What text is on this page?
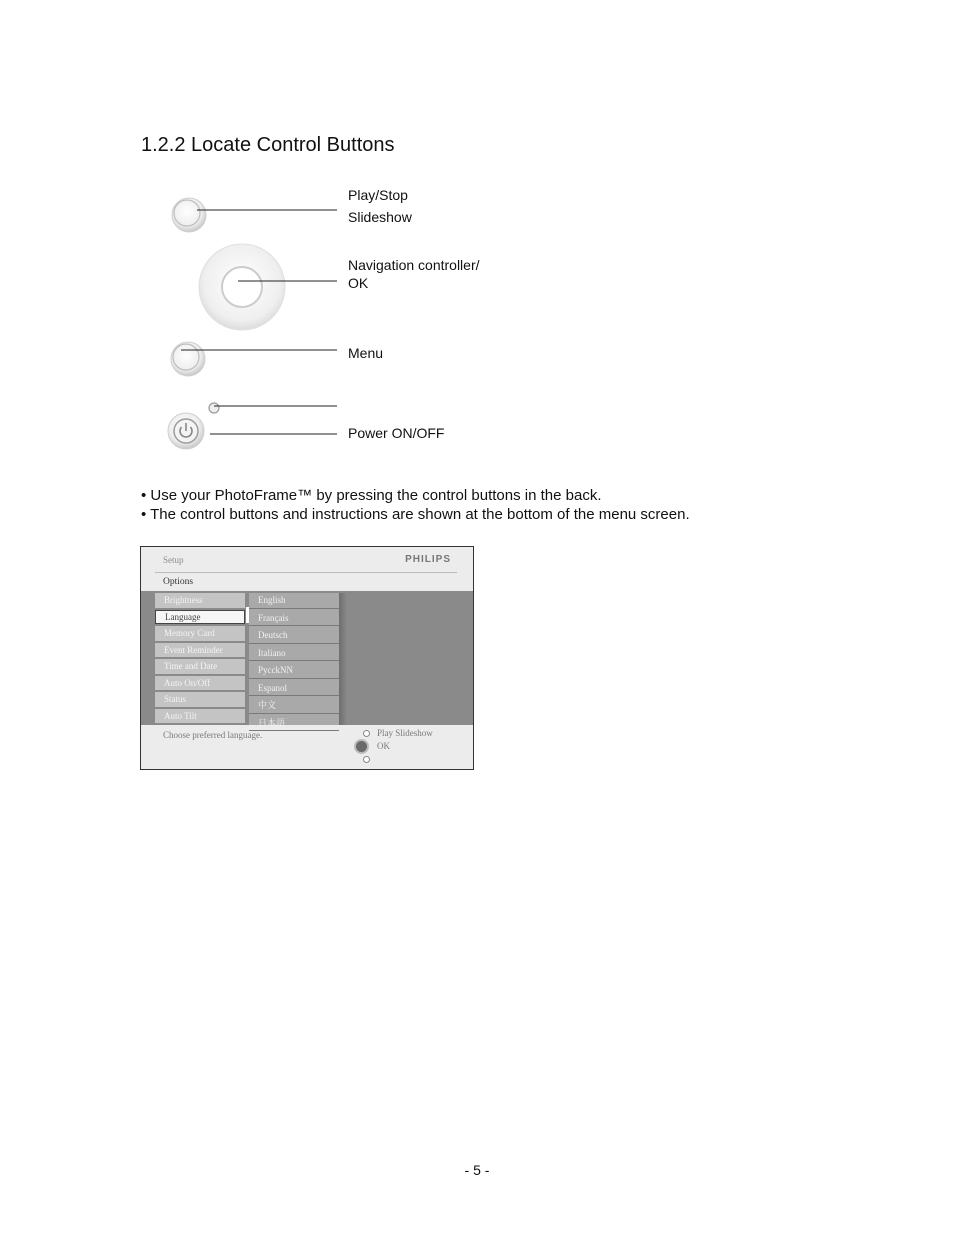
1.2.2 Locate Control Buttons
Play/Stop
Slideshow
Navigation controller/
OK
Menu
Power ON/OFF
• Use your PhotoFrame™ by pressing the control buttons in the back.
• The control buttons and instructions are shown at the bottom of the menu screen.
Setup	PHILIPS
Options
Brightness
Language
Memory Card
Event Reminder
Time and Date
Auto On/Off
Status
Auto Tilt
English
Français
Deutsch
Italiano
PycckNN
Espanol
中文
日本語
Choose preferred language.	Play Slideshow
OK
- 5 -
